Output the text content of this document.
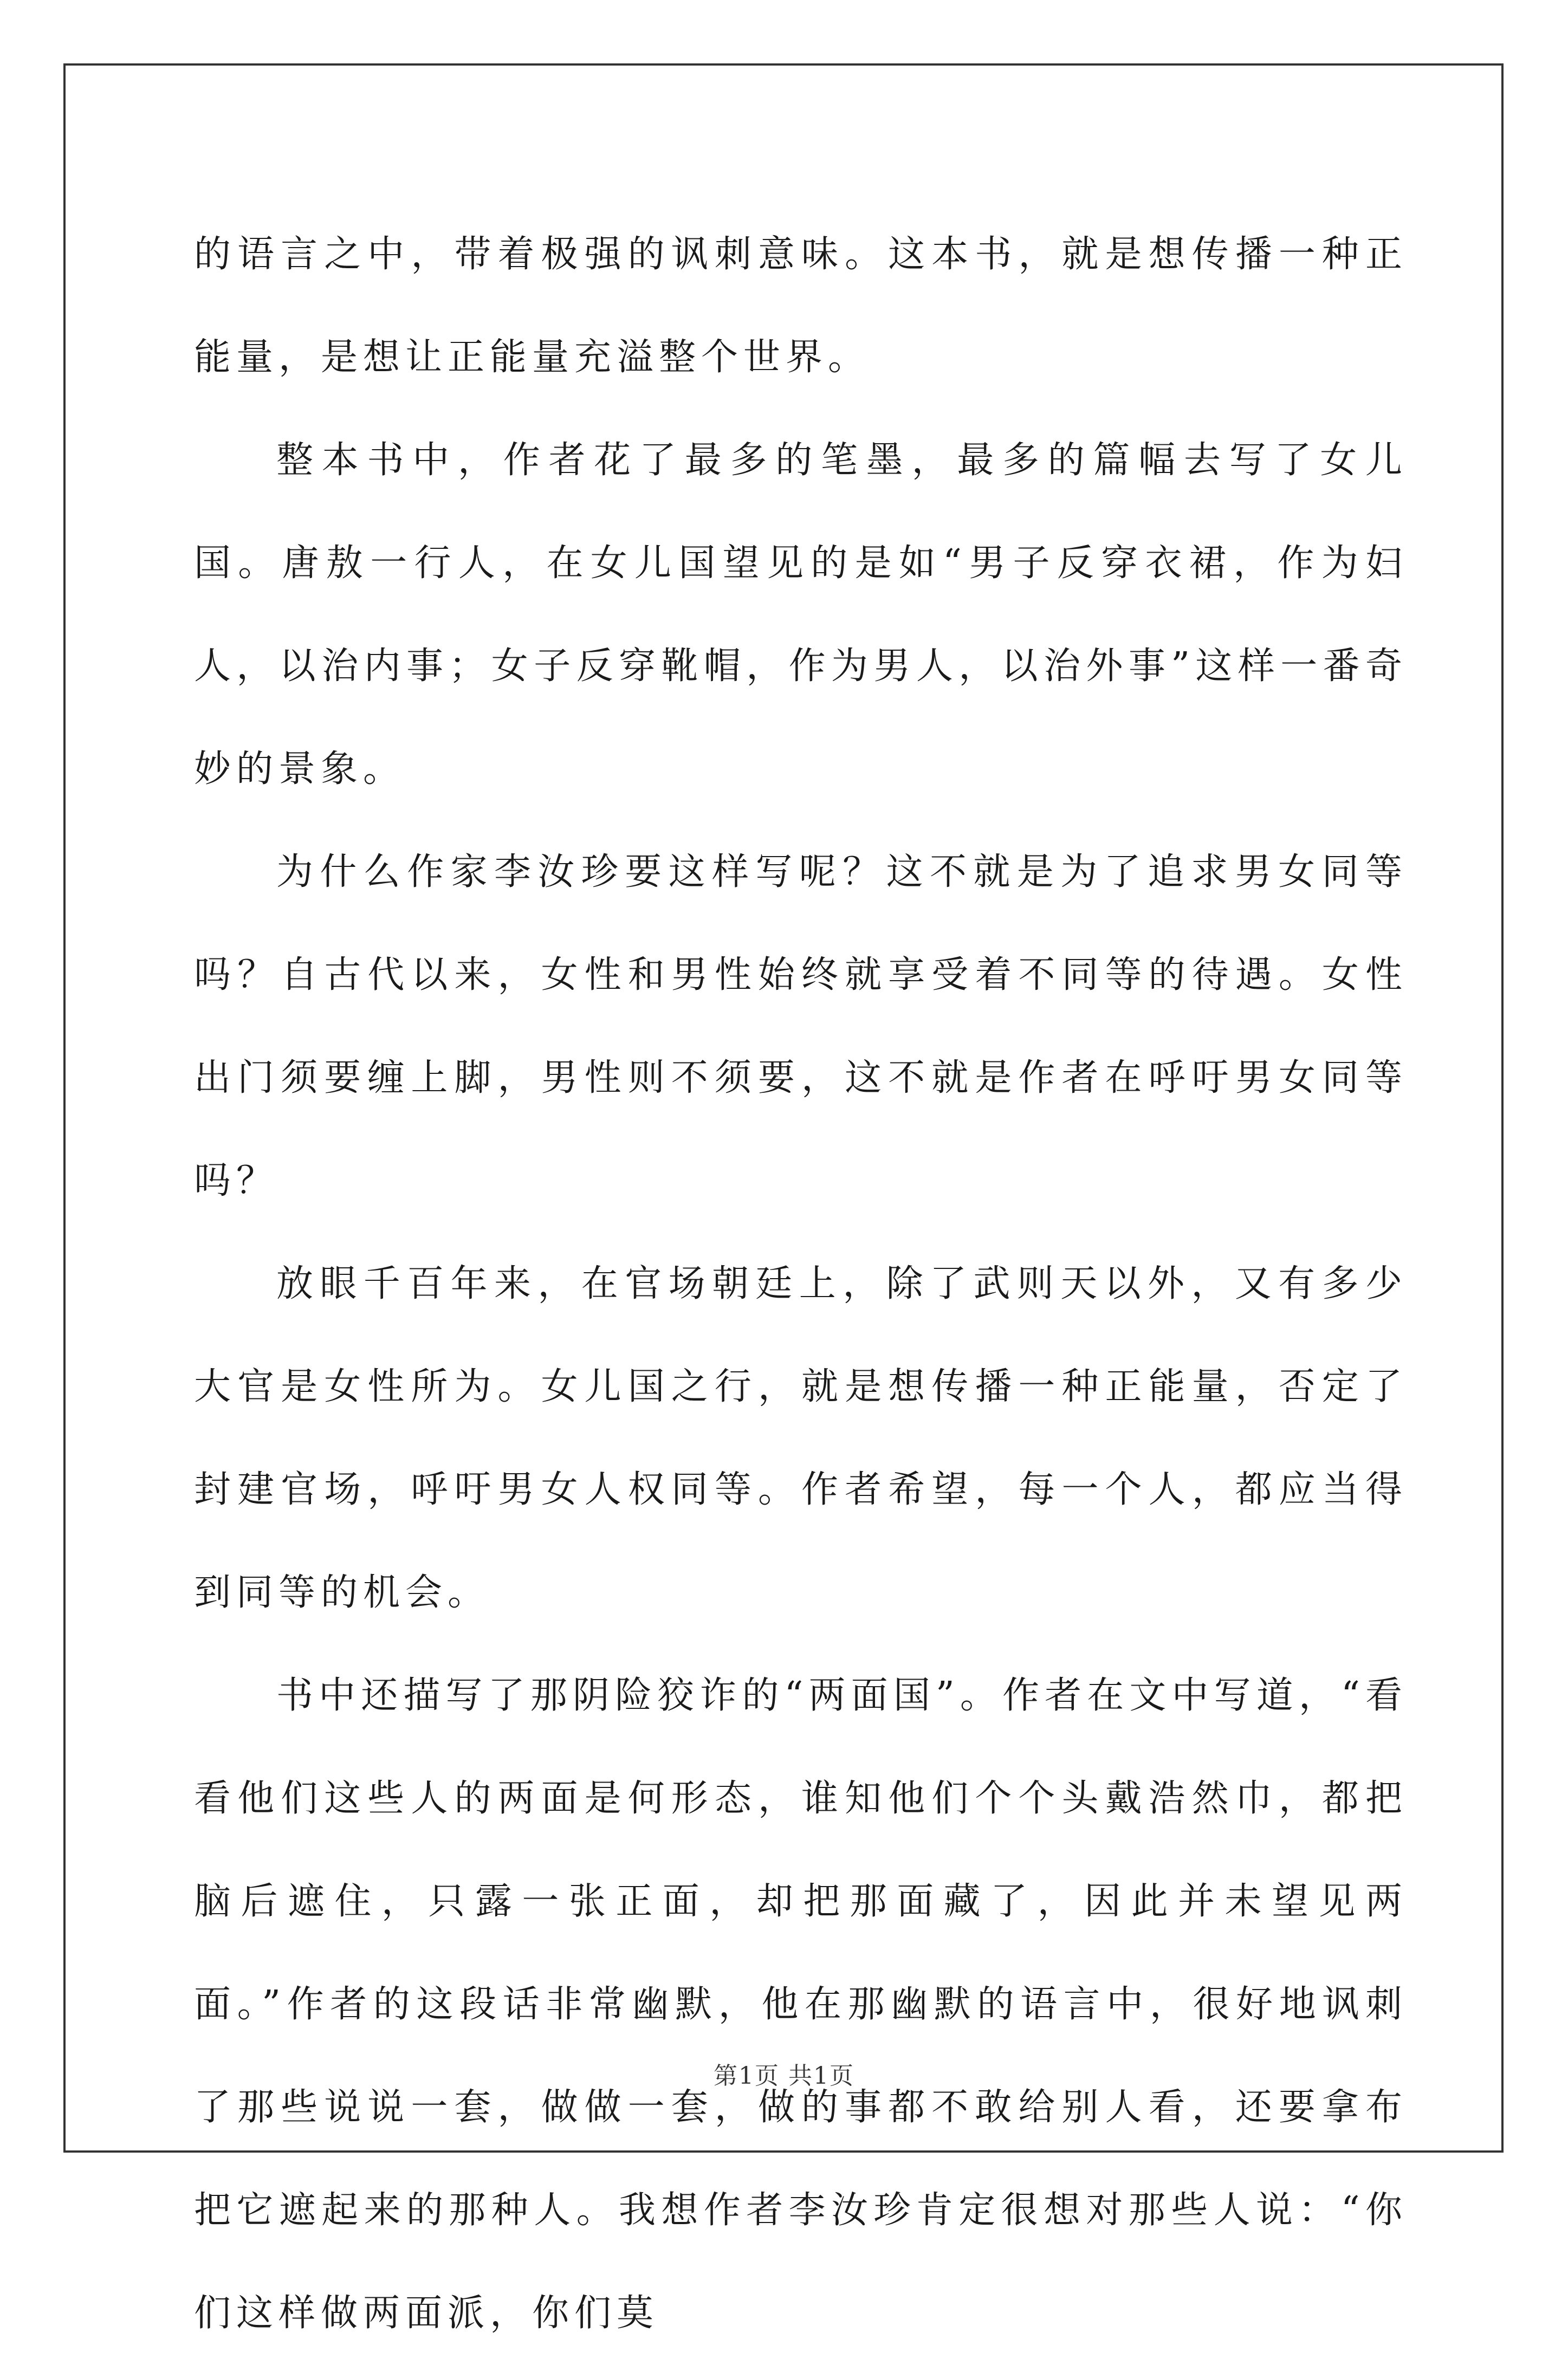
的语言之中，带着极强的讽刺意味。这本书，就是想传播一种正能量，是想让正能量充溢整个世界。

整本书中，作者花了最多的笔墨，最多的篇幅去写了女儿国。唐敖一行人，在女儿国望见的是如“男子反穿衣裙，作为妇人，以治内事；女子反穿靴帽，作为男人，以治外事”这样一番奇妙的景象。

为什么作家李汝珍要这样写呢？这不就是为了追求男女同等吗？自古代以来，女性和男性始终就享受着不同等的待遇。女性出门须要缠上脚，男性则不须要，这不就是作者在呼吁男女同等吗？

放眼千百年来，在官场朝廷上，除了武则天以外，又有多少大官是女性所为。女儿国之行，就是想传播一种正能量，否定了封建官场，呼吁男女人权同等。作者希望，每一个人，都应当得到同等的机会。

书中还描写了那阴险狡诈的“两面国”。作者在文中写道，“看看他们这些人的两面是何形态，谁知他们个个头戴浩然巾，都把脑后遮住，只露一张正面，却把那面藏了，因此并未望见两面。”作者的这段话非常幽默，他在那幽默的语言中，很好地讽刺了那些说说一套，做做一套，做的事都不敢给别人看，还要拿布把它遮起来的那种人。我想作者李汝珍肯定很想对那些人说：“你们这样做两面派，你们莫

第1页 共1页
